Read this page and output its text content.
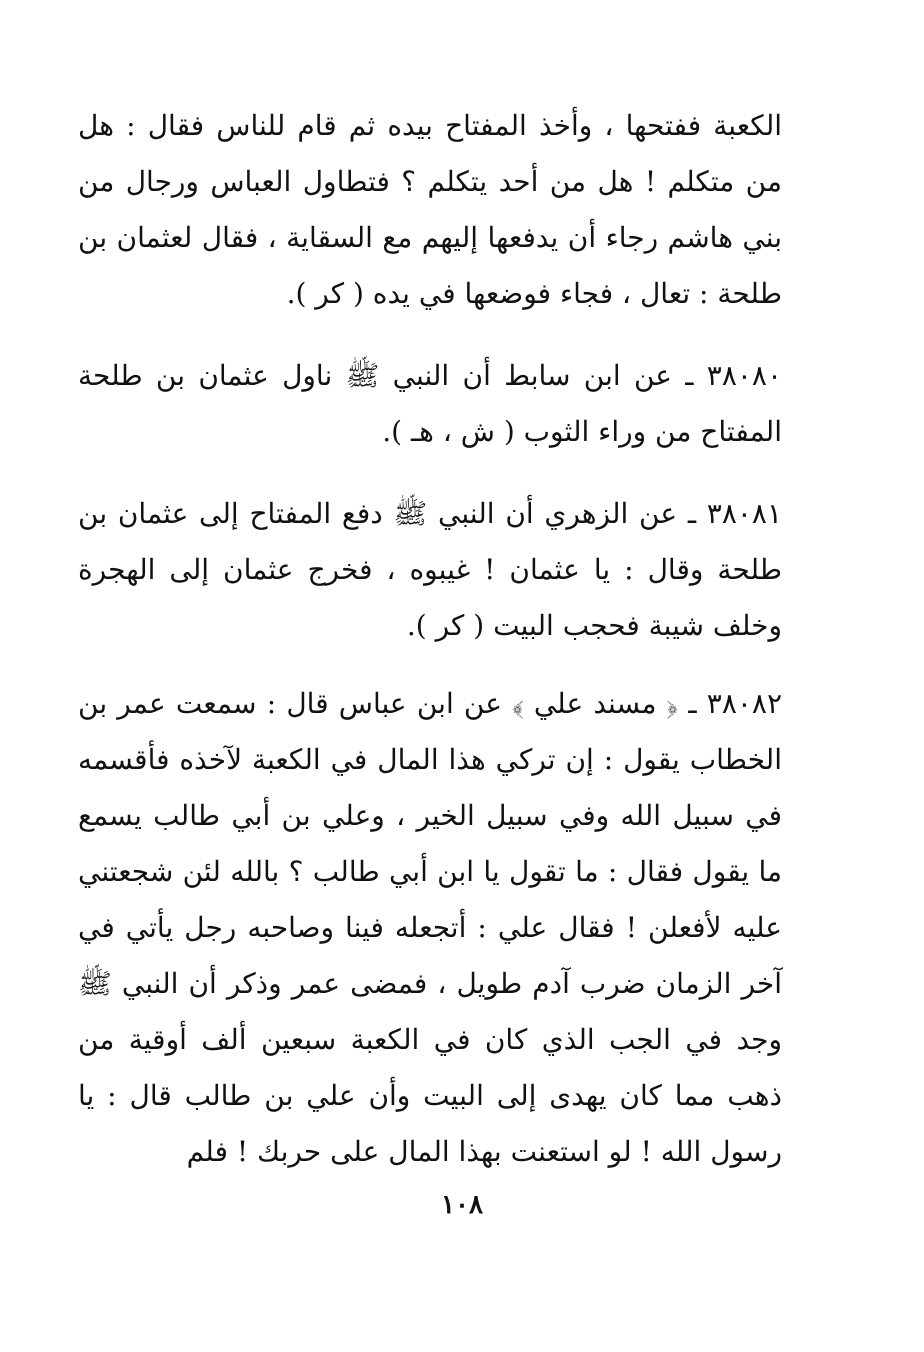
الكعبة ففتحها ، وأخذ المفتاح بيده ثم قام للناس فقال : هل من متكلم ! هل من أحد يتكلم ؟ فتطاول العباس ورجال من بني هاشم رجاء أن يدفعها إليهم مع السقاية ، فقال لعثمان بن طلحة : تعال ، فجاء فوضعها في يده ( كر ).

٣٨٠٨٠ ـ عن ابن سابط أن النبي ﷺ ناول عثمان بن طلحة المفتاح من وراء الثوب ( ش ، هـ ).

٣٨٠٨١ ـ عن الزهري أن النبي ﷺ دفع المفتاح إلى عثمان بن طلحة وقال : يا عثمان ! غيبوه ، فخرج عثمان إلى الهجرة وخلف شيبة فحجب البيت ( كر ).

٣٨٠٨٢ ـ ﴿ مسند علي ﴾ عن ابن عباس قال : سمعت عمر بن الخطاب يقول : إن تركي هذا المال في الكعبة لآخذه فأقسمه في سبيل الله وفي سبيل الخير ، وعلي بن أبي طالب يسمع ما يقول فقال : ما تقول يا ابن أبي طالب ؟ بالله لئن شجعتني عليه لأفعلن ! فقال علي : أتجعله فينا وصاحبه رجل يأتي في آخر الزمان ضرب آدم طويل ، فمضى عمر وذكر أن النبي ﷺ وجد في الجب الذي كان في الكعبة سبعين ألف أوقية من ذهب مما كان يهدى إلى البيت وأن علي بن طالب قال : يا رسول الله ! لو استعنت بهذا المال على حربك ! فلم

١٠٨
